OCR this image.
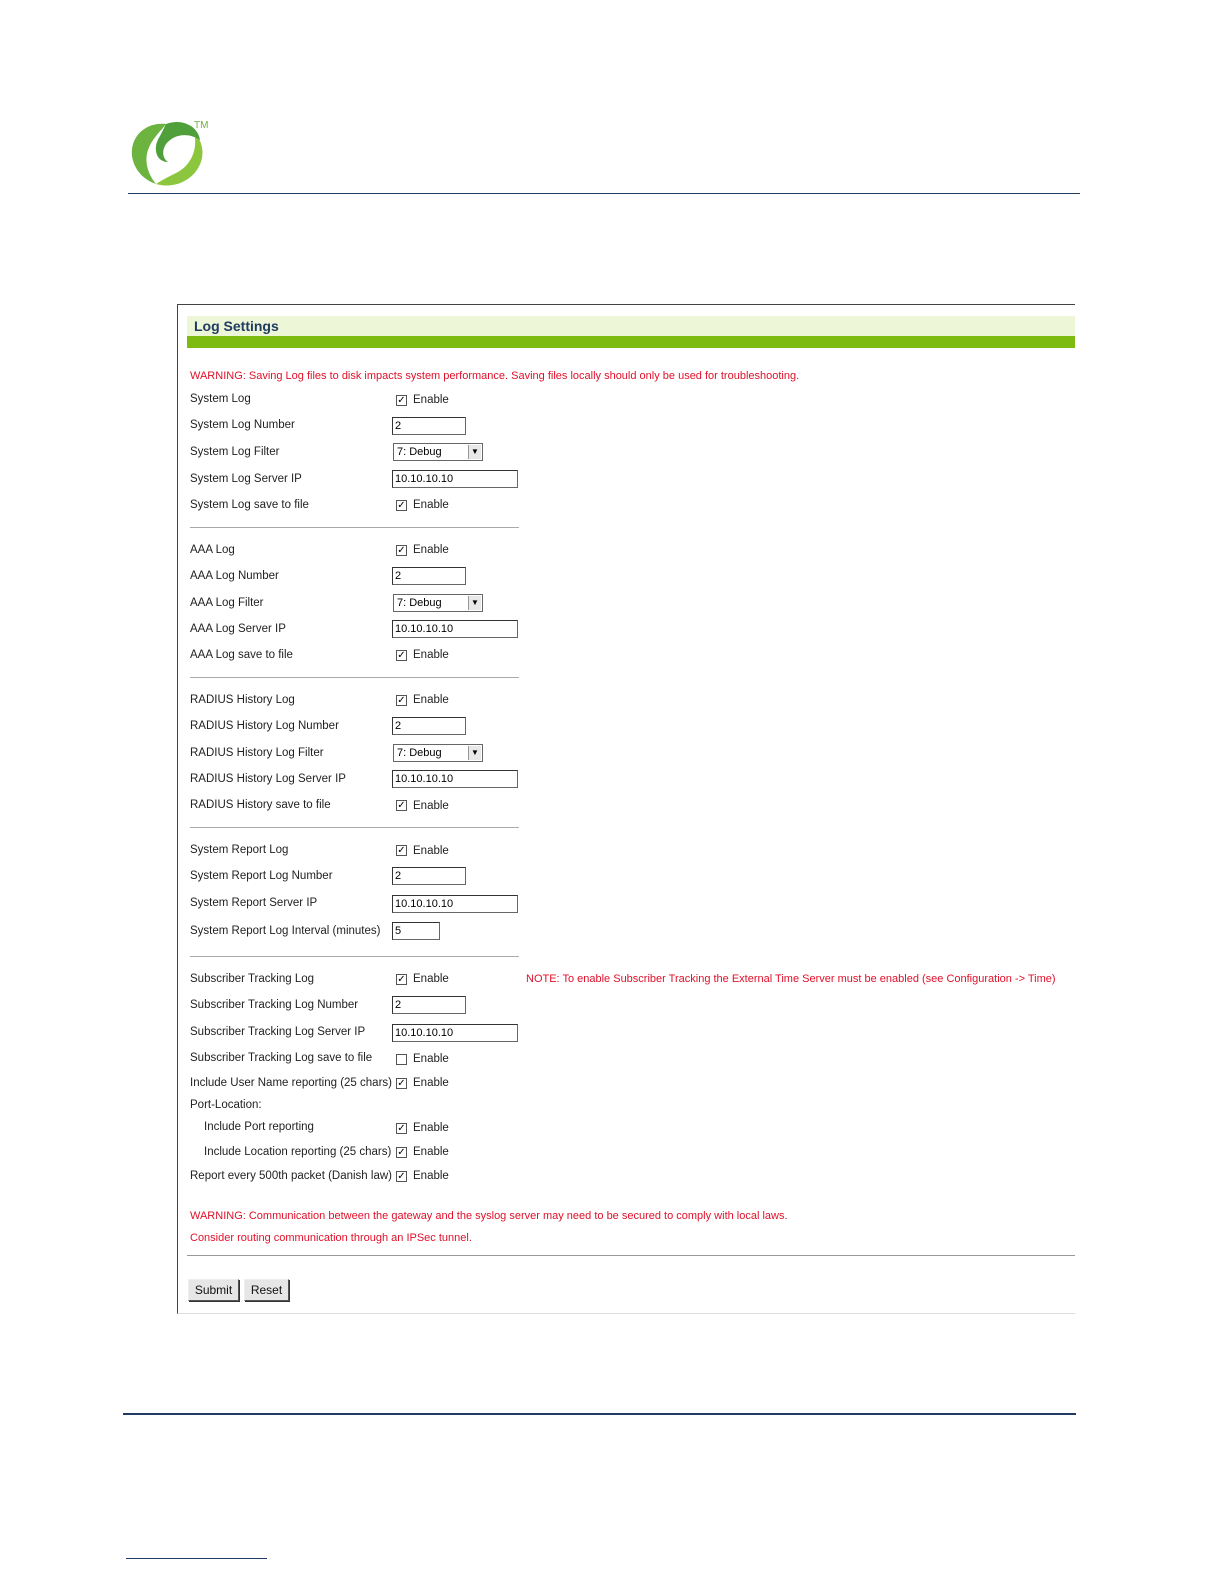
TM
Log Settings
WARNING: Saving Log files to disk impacts system performance. Saving files locally should only be used for troubleshooting.
System Log	✓ Enable
System Log Number	2
System Log Filter	7: Debug	▼
System Log Server IP	10.10.10.10
System Log save to file	✓ Enable
AAA Log	✓ Enable
AAA Log Number	2
AAA Log Filter	7: Debug	▼
AAA Log Server IP	10.10.10.10
AAA Log save to file	✓ Enable
RADIUS History Log	✓ Enable
RADIUS History Log Number	2
RADIUS History Log Filter	7: Debug	▼
RADIUS History Log Server IP	10.10.10.10
RADIUS History save to file	✓ Enable
System Report Log	✓ Enable
System Report Log Number	2
System Report Server IP	10.10.10.10
System Report Log Interval (minutes) 5
Subscriber Tracking Log	✓ Enable	NOTE: To enable Subscriber Tracking the External Time Server must be enabled (see Configuration -> Time)
Subscriber Tracking Log Number	2
Subscriber Tracking Log Server IP	10.10.10.10
Subscriber Tracking Log save to file	Enable
Include User Name reporting (25 chars) ✓ Enable
Port-Location:
Include Port reporting	✓ Enable
Include Location reporting (25 chars) ✓ Enable
Report every 500th packet (Danish law) ✓ Enable
WARNING: Communication between the gateway and the syslog server may need to be secured to comply with local laws.
Consider routing communication through an IPSec tunnel.
Submit	Reset
